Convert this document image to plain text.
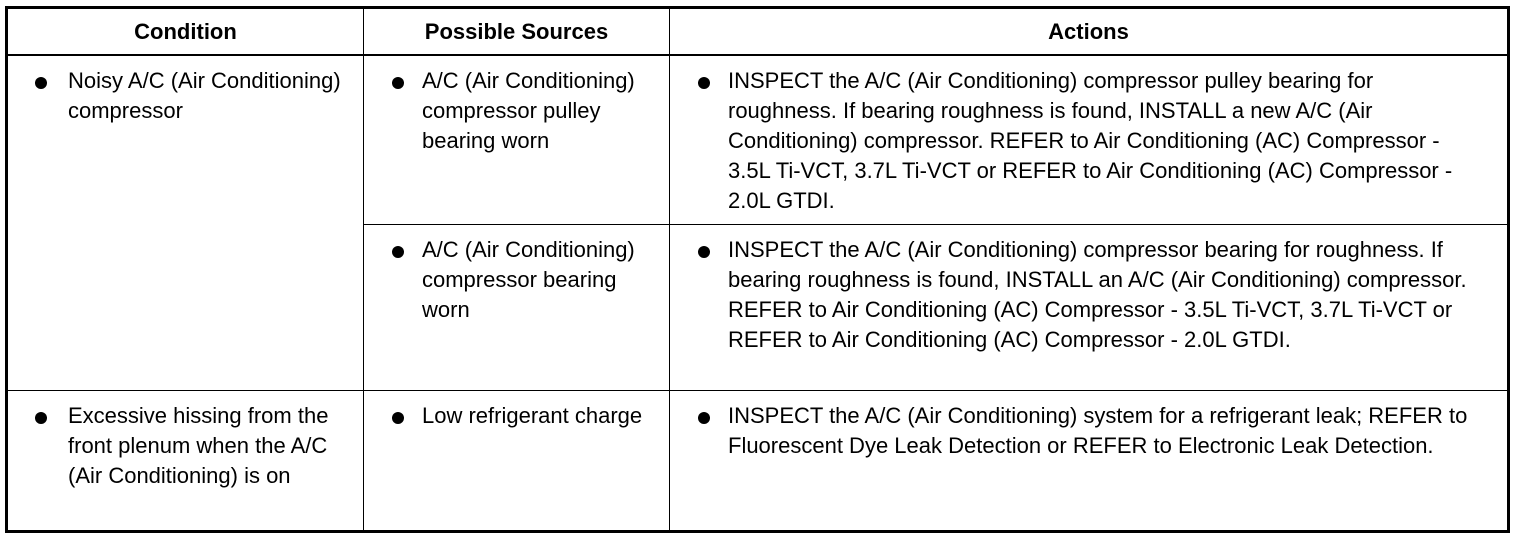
Condition	Possible Sources	Actions

Noisy A/C (Air Conditioning) compressor	A/C (Air Conditioning) compressor pulley bearing worn	INSPECT the A/C (Air Conditioning) compressor pulley bearing for roughness. If bearing roughness is found, INSTALL a new A/C (Air Conditioning) compressor. REFER to Air Conditioning (AC) Compressor - 3.5L Ti-VCT, 3.7L Ti-VCT or REFER to Air Conditioning (AC) Compressor - 2.0L GTDI.

A/C (Air Conditioning) compressor bearing worn	INSPECT the A/C (Air Conditioning) compressor bearing for roughness. If bearing roughness is found, INSTALL an A/C (Air Conditioning) compressor. REFER to Air Conditioning (AC) Compressor - 3.5L Ti-VCT, 3.7L Ti-VCT or REFER to Air Conditioning (AC) Compressor - 2.0L GTDI.

Excessive hissing from the front plenum when the A/C (Air Conditioning) is on	Low refrigerant charge	INSPECT the A/C (Air Conditioning) system for a refrigerant leak; REFER to Fluorescent Dye Leak Detection or REFER to Electronic Leak Detection.
